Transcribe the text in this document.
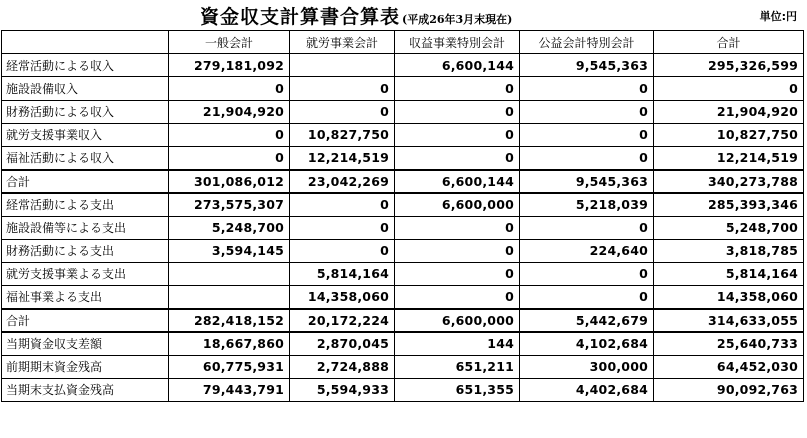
資金収支計算書合算表 (平成26年3月末現在)	単位:円
	一般会計	就労事業会計	収益事業特別会計	公益会計特別会計	合計
経常活動による収入	279,181,092		6,600,144	9,545,363	295,326,599
施設設備収入	0	0	0	0	0
財務活動による収入	21,904,920	0	0	0	21,904,920
就労支援事業収入	0	10,827,750	0	0	10,827,750
福祉活動による収入	0	12,214,519	0	0	12,214,519
合計	301,086,012	23,042,269	6,600,144	9,545,363	340,273,788
経常活動による支出	273,575,307	0	6,600,000	5,218,039	285,393,346
施設設備等による支出	5,248,700	0	0	0	5,248,700
財務活動による支出	3,594,145	0	0	224,640	3,818,785
就労支援事業よる支出		5,814,164	0	0	5,814,164
福祉事業よる支出		14,358,060	0	0	14,358,060
合計	282,418,152	20,172,224	6,600,000	5,442,679	314,633,055
当期資金収支差額	18,667,860	2,870,045	144	4,102,684	25,640,733
前期期末資金残高	60,775,931	2,724,888	651,211	300,000	64,452,030
当期末支払資金残高	79,443,791	5,594,933	651,355	4,402,684	90,092,763
